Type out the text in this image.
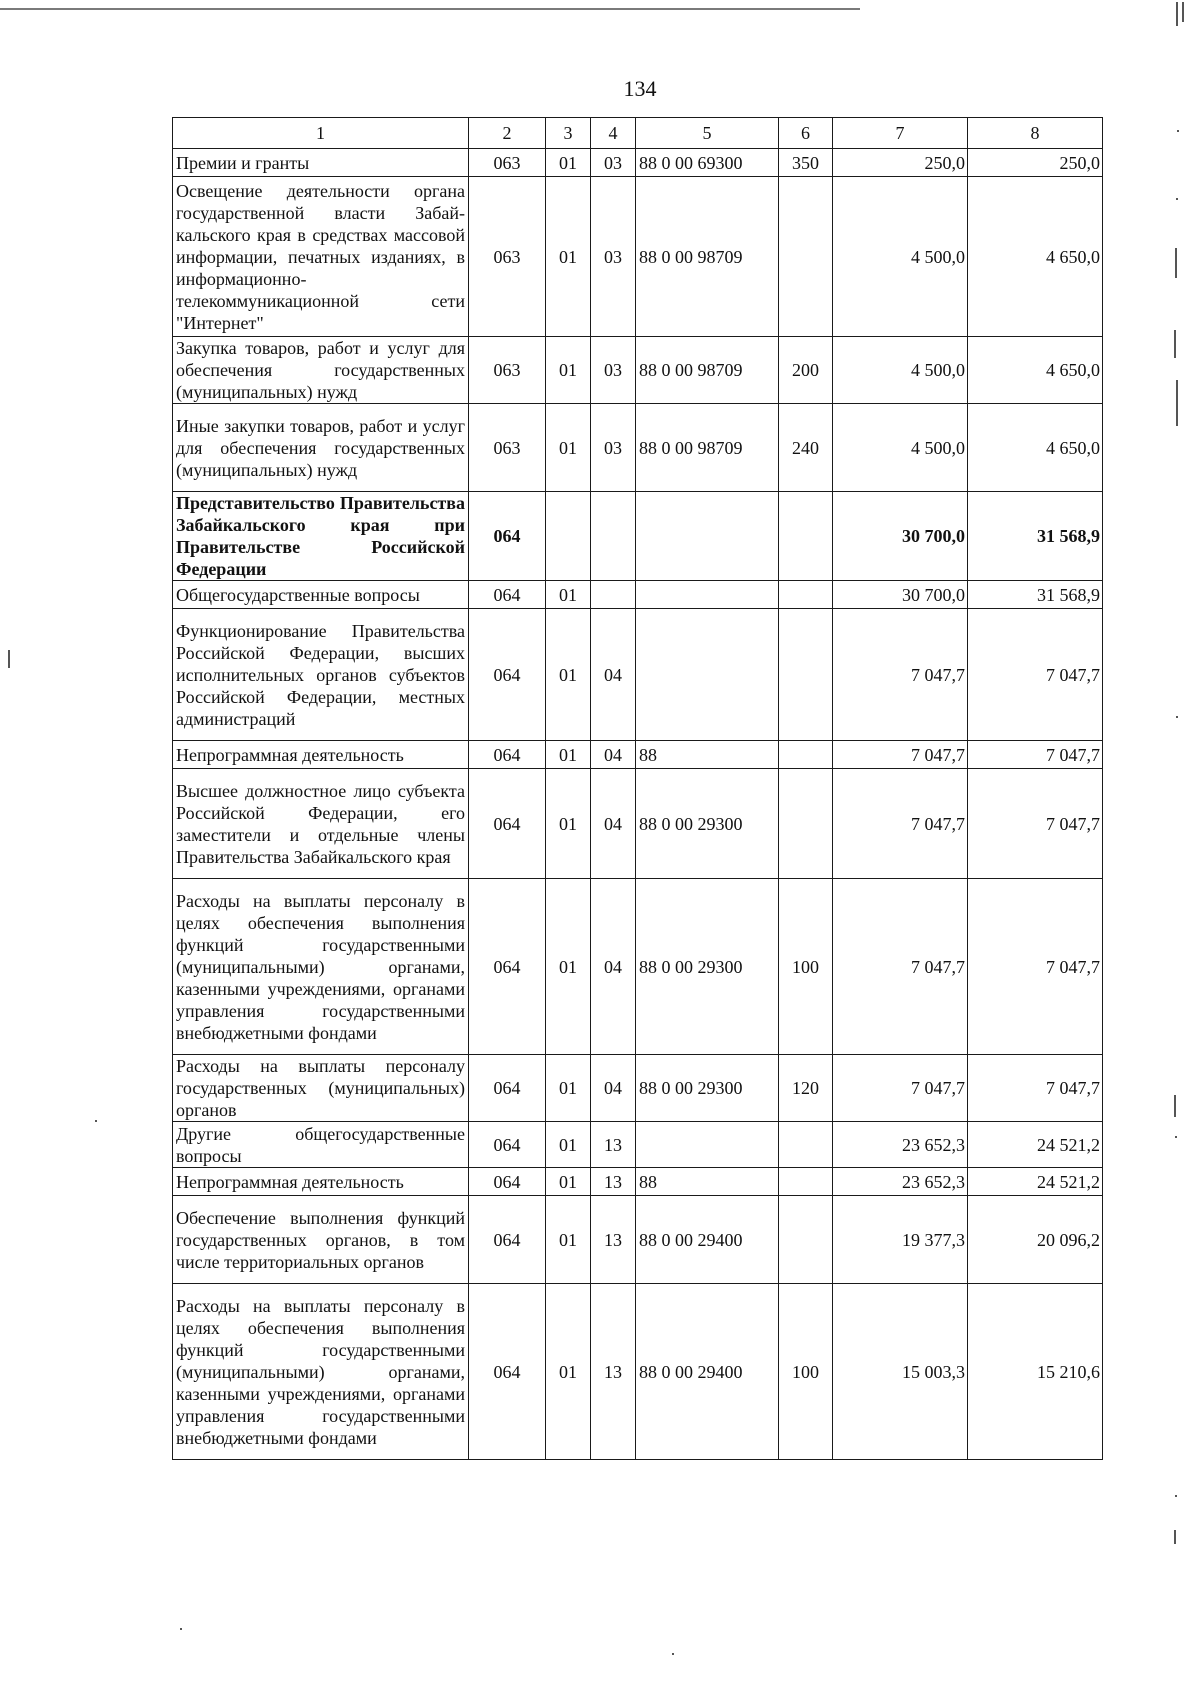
134
1	2	3	4	5	6	7	8
Премии и гранты	063	01	03	88 0 00 69300	350	250,0	250,0
Освещение деятельности органа государственной власти Забайкальского края в средствах массовой информации, печатных изданиях, в информационно-телекоммуникационной сети "Интернет"	063	01	03	88 0 00 98709		4 500,0	4 650,0
Закупка товаров, работ и услуг для обеспечения государственных (муниципальных) нужд	063	01	03	88 0 00 98709	200	4 500,0	4 650,0
Иные закупки товаров, работ и услуг для обеспечения государственных (муниципальных) нужд	063	01	03	88 0 00 98709	240	4 500,0	4 650,0
Представительство Правительства Забайкальского края при Правительстве Российской Федерации	064					30 700,0	31 568,9
Общегосударственные вопросы	064	01				30 700,0	31 568,9
Функционирование Правительства Российской Федерации, высших исполнительных органов субъектов Российской Федерации, местных администраций	064	01	04			7 047,7	7 047,7
Непрограммная деятельность	064	01	04	88		7 047,7	7 047,7
Высшее должностное лицо субъекта Российской Федерации, его заместители и отдельные члены Правительства Забайкальского края	064	01	04	88 0 00 29300		7 047,7	7 047,7
Расходы на выплаты персоналу в целях обеспечения выполнения функций государственными (муниципальными) органами, казенными учреждениями, органами управления государственными внебюджетными фондами	064	01	04	88 0 00 29300	100	7 047,7	7 047,7
Расходы на выплаты персоналу государственных (муниципальных) органов	064	01	04	88 0 00 29300	120	7 047,7	7 047,7
Другие общегосударственные вопросы	064	01	13			23 652,3	24 521,2
Непрограммная деятельность	064	01	13	88		23 652,3	24 521,2
Обеспечение выполнения функций государственных органов, в том числе территориальных органов	064	01	13	88 0 00 29400		19 377,3	20 096,2
Расходы на выплаты персоналу в целях обеспечения выполнения функций государственными (муниципальными) органами, казенными учреждениями, органами управления государственными внебюджетными фондами	064	01	13	88 0 00 29400	100	15 003,3	15 210,6
